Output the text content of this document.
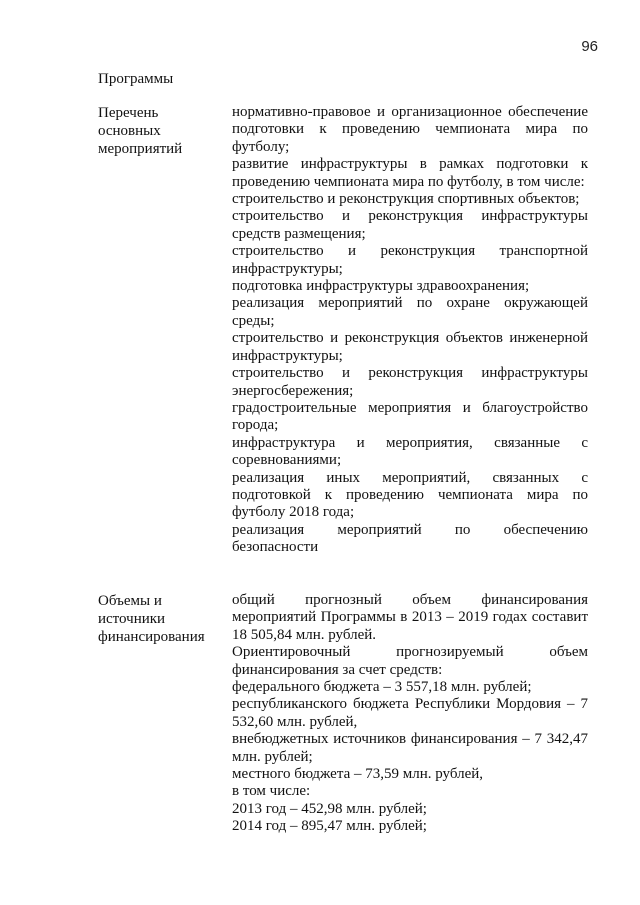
96
Программы
Перечень
основных
мероприятий
нормативно-правовое и организационное обеспечение подготовки к проведению чемпионата мира по футболу;
развитие инфраструктуры в рамках подготовки к проведению чемпионата мира по футболу, в том числе:
строительство и реконструкция спортивных объектов;
строительство и реконструкция инфраструктуры средств размещения;
строительство и реконструкция транспортной инфраструктуры;
подготовка инфраструктуры здравоохранения;
реализация мероприятий по охране окружающей среды;
строительство и реконструкция объектов инженерной инфраструктуры;
строительство и реконструкция инфраструктуры энергосбережения;
градостроительные мероприятия и благоустройство города;
инфраструктура и мероприятия, связанные с соревнованиями;
реализация иных мероприятий, связанных с подготовкой к проведению чемпионата мира по футболу 2018 года;
реализация мероприятий по обеспечению безопасности
Объемы и
источники
финансирования
общий прогнозный объем финансирования мероприятий Программы в 2013 – 2019 годах составит 18 505,84 млн. рублей.
Ориентировочный прогнозируемый объем финансирования за счет средств:
федерального бюджета – 3 557,18 млн. рублей;
республиканского бюджета Республики Мордовия – 7 532,60 млн. рублей,
внебюджетных источников финансирования – 7 342,47 млн. рублей;
местного бюджета – 73,59 млн. рублей,
в том числе:
2013 год – 452,98 млн. рублей;
2014 год – 895,47 млн. рублей;
